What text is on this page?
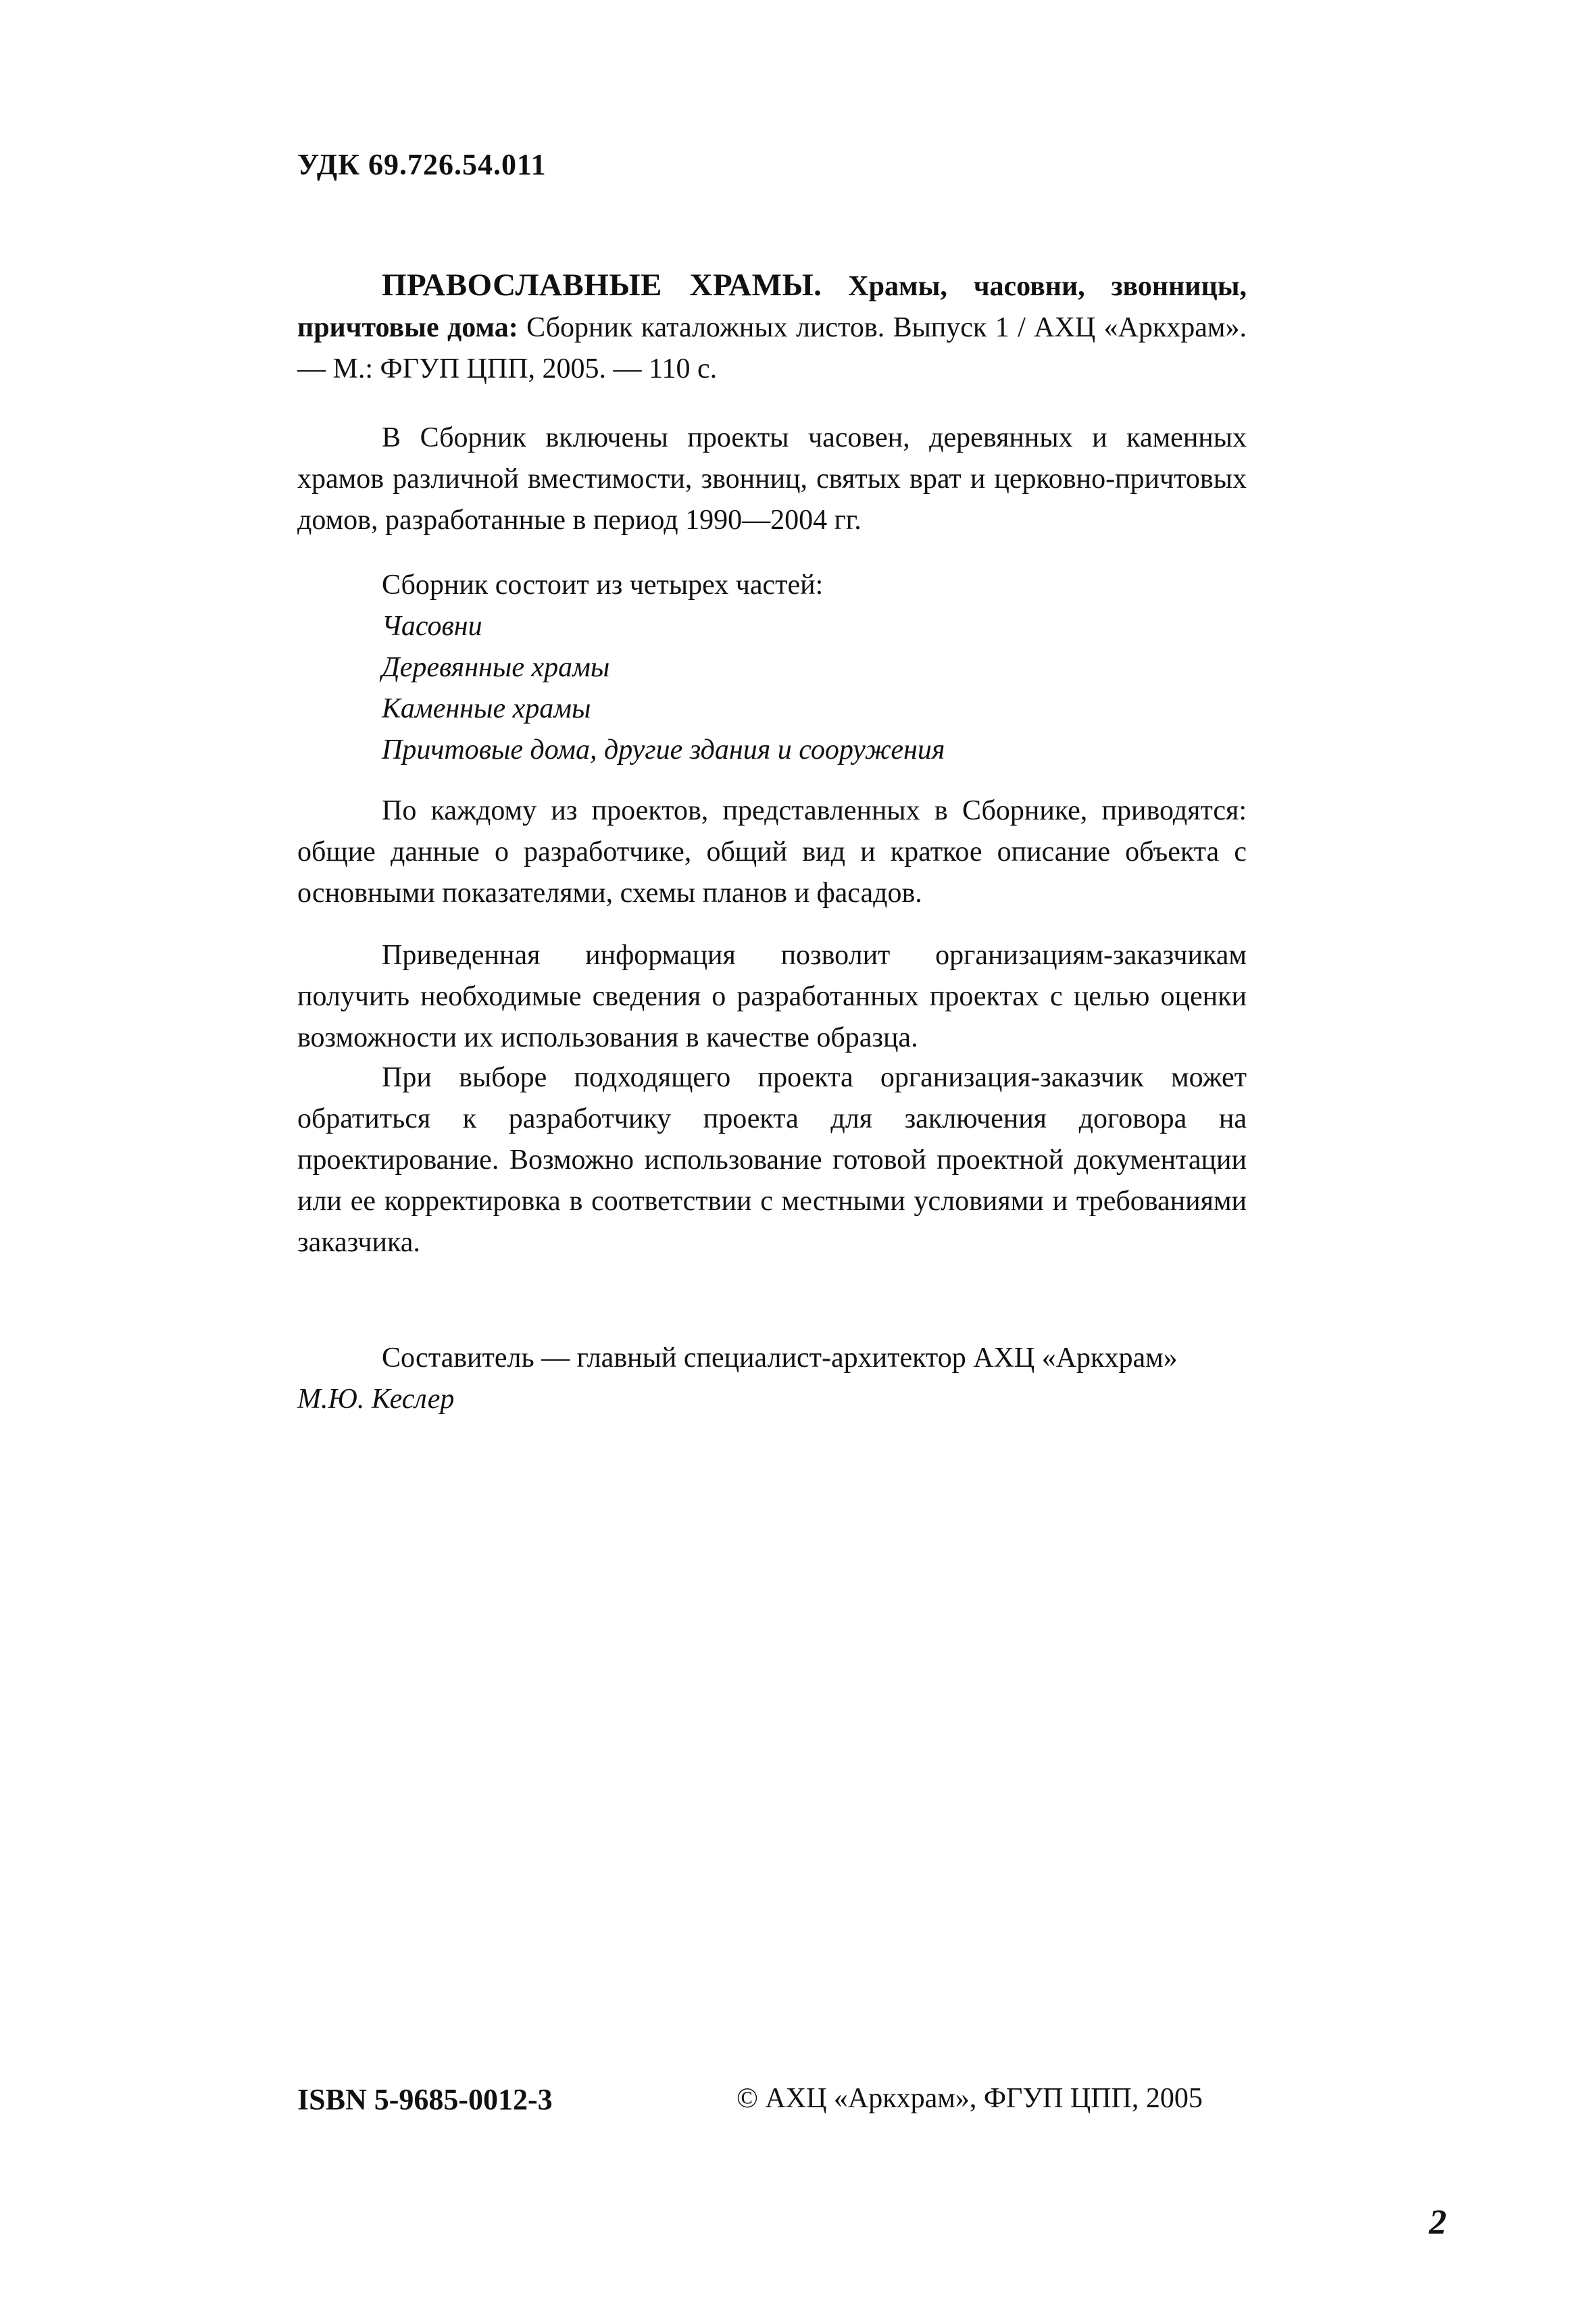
УДК 69.726.54.011

ПРАВОСЛАВНЫЕ ХРАМЫ. Храмы, часовни, звонницы, причтовые дома: Сборник каталожных листов. Выпуск 1 / АХЦ «Аркхрам». — М.: ФГУП ЦПП, 2005. — 110 с.

В Сборник включены проекты часовен, деревянных и каменных храмов различной вместимости, звонниц, святых врат и церковно-причтовых домов, разработанные в период 1990—2004 гг.

Сборник состоит из четырех частей:
Часовни
Деревянные храмы
Каменные храмы
Причтовые дома, другие здания и сооружения

По каждому из проектов, представленных в Сборнике, приводятся: общие данные о разработчике, общий вид и краткое описание объекта с основными показателями, схемы планов и фасадов.

Приведенная информация позволит организациям-заказчикам получить необходимые сведения о разработанных проектах с целью оценки возможности их использования в качестве образца.

При выборе подходящего проекта организация-заказчик может обратиться к разработчику проекта для заключения договора на проектирование. Возможно использование готовой проектной документации или ее корректировка в соответствии с местными условиями и требованиями заказчика.

Составитель — главный специалист-архитектор АХЦ «Аркхрам»
М.Ю. Кеслер
ISBN 5-9685-0012-3	© АХЦ «Аркхрам», ФГУП ЦПП, 2005
2
